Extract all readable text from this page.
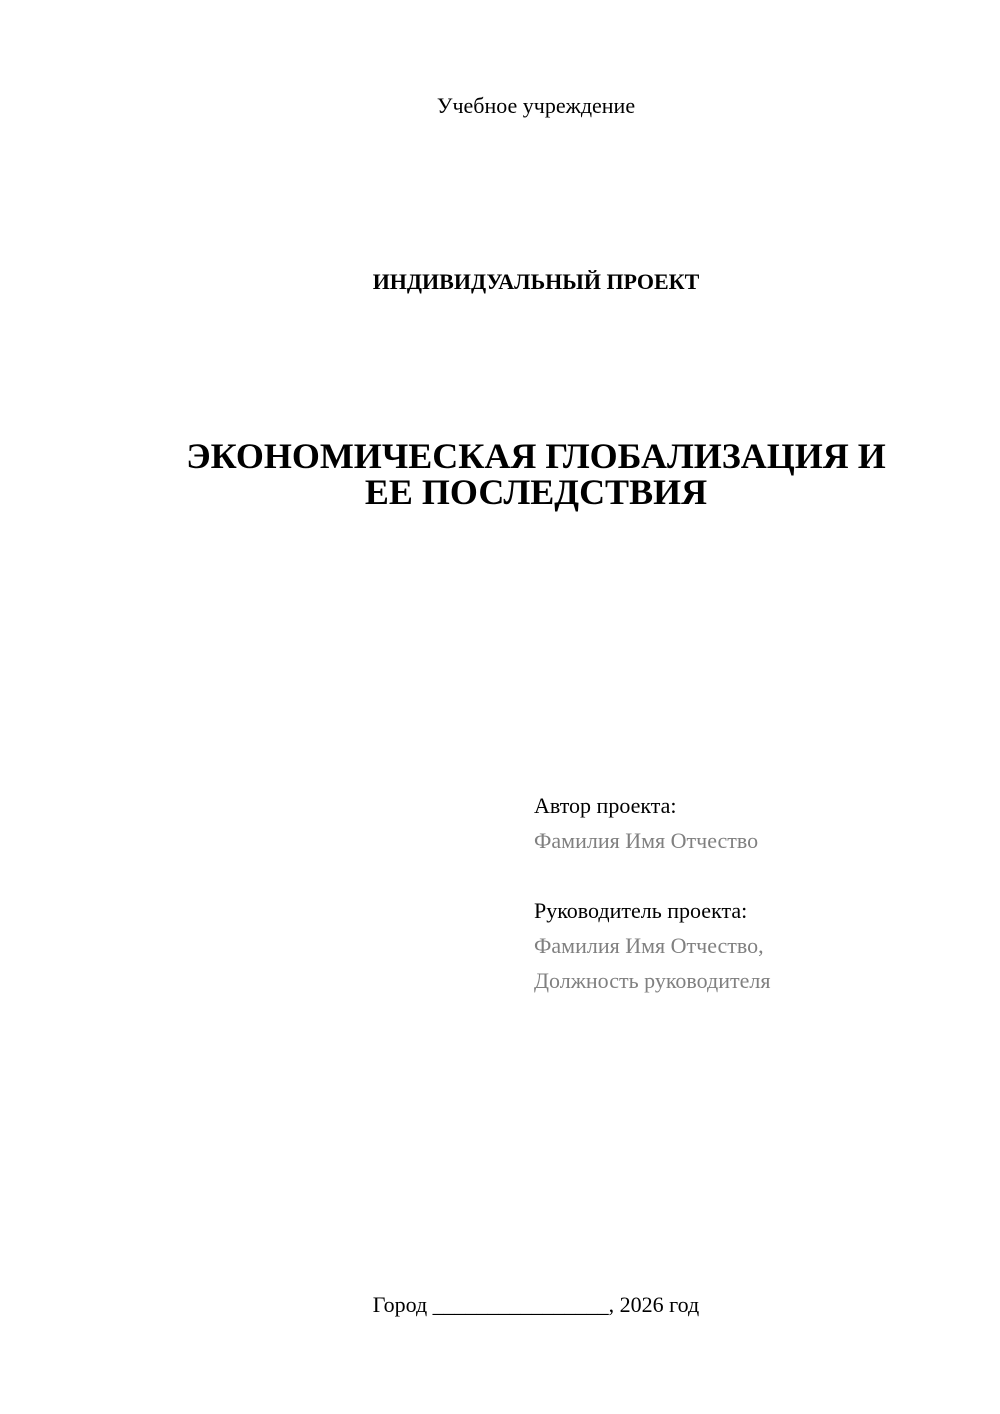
Учебное учреждение
ИНДИВИДУАЛЬНЫЙ ПРОЕКТ
ЭКОНОМИЧЕСКАЯ ГЛОБАЛИЗАЦИЯ И
ЕЕ ПОСЛЕДСТВИЯ
Автор проекта:
Фамилия Имя Отчество
Руководитель проекта:
Фамилия Имя Отчество,
Должность руководителя
Город ________________, 2026 год
